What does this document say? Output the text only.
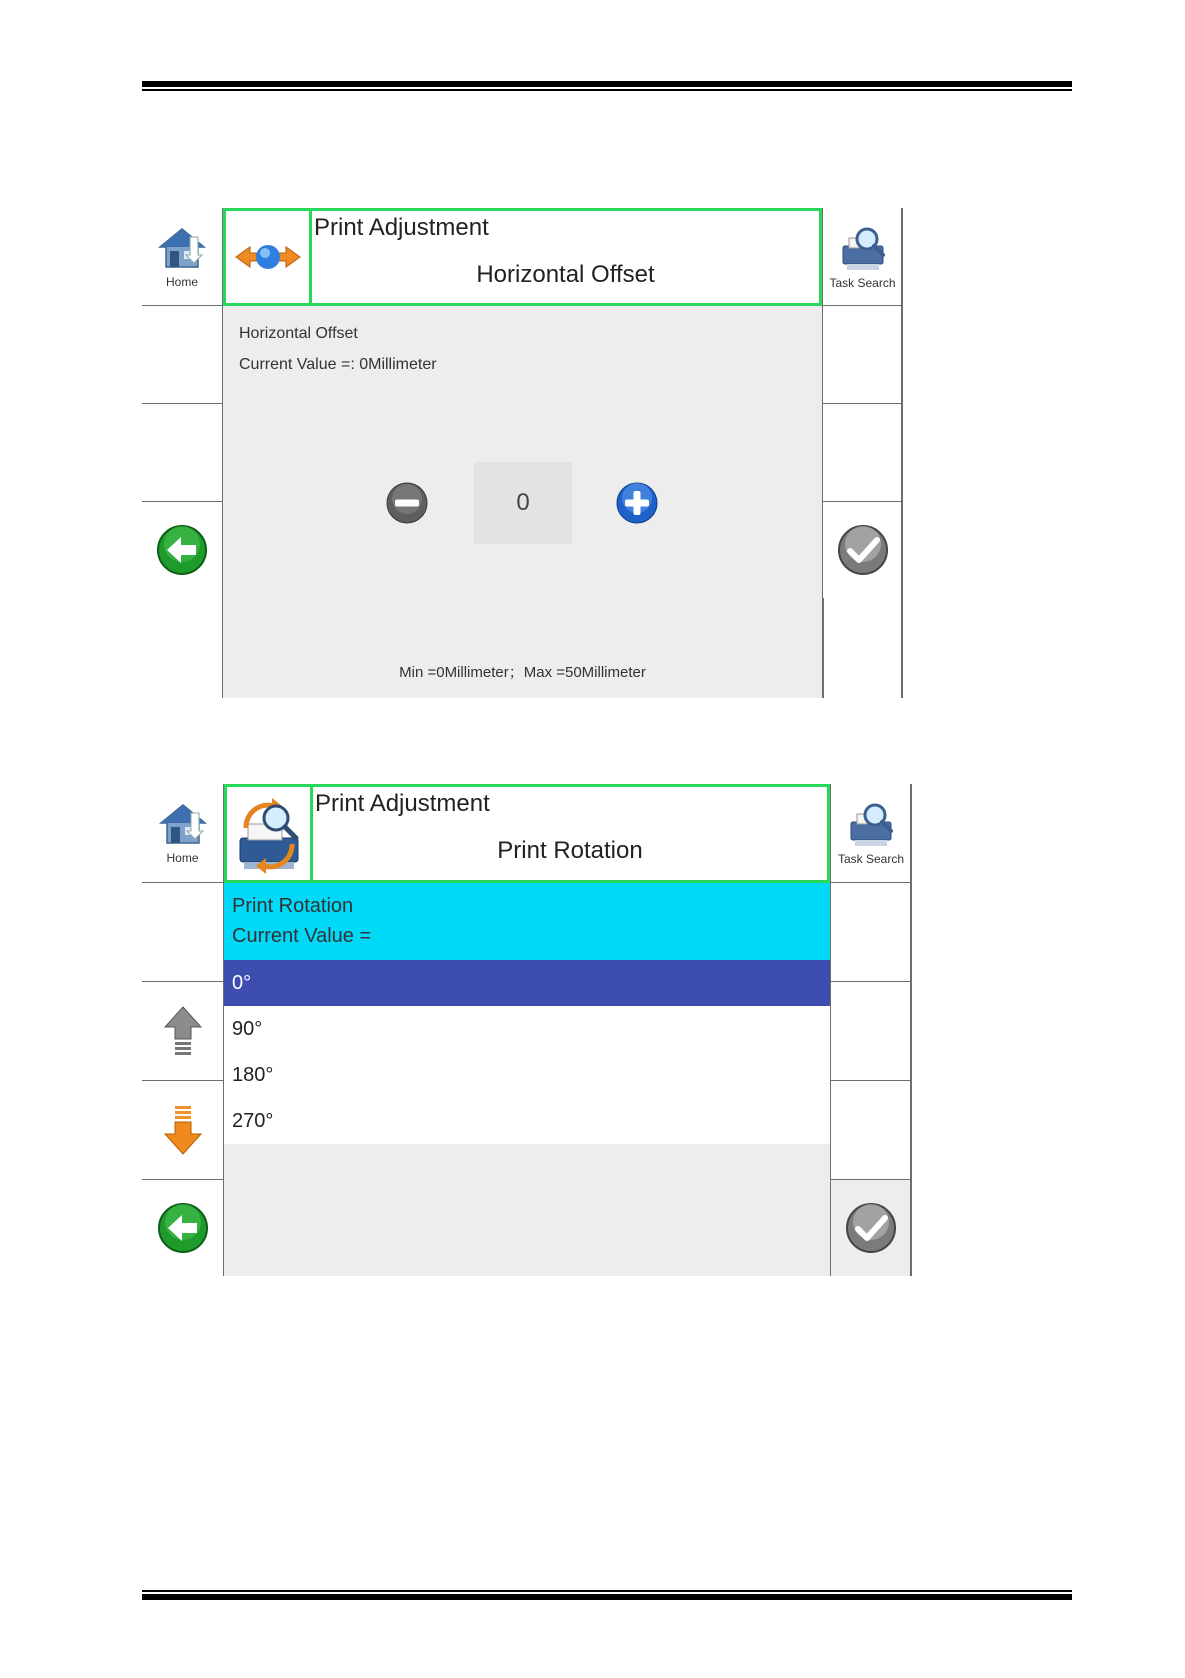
Home
Print Adjustment
Horizontal Offset
Horizontal Offset
Current Value =: 0Millimeter
0
Min =0Millimeter；Max =50Millimeter
Task Search
Home
Print Adjustment
Print Rotation
Print Rotation
Current Value =
0°
90°
180°
270°
Task Search
